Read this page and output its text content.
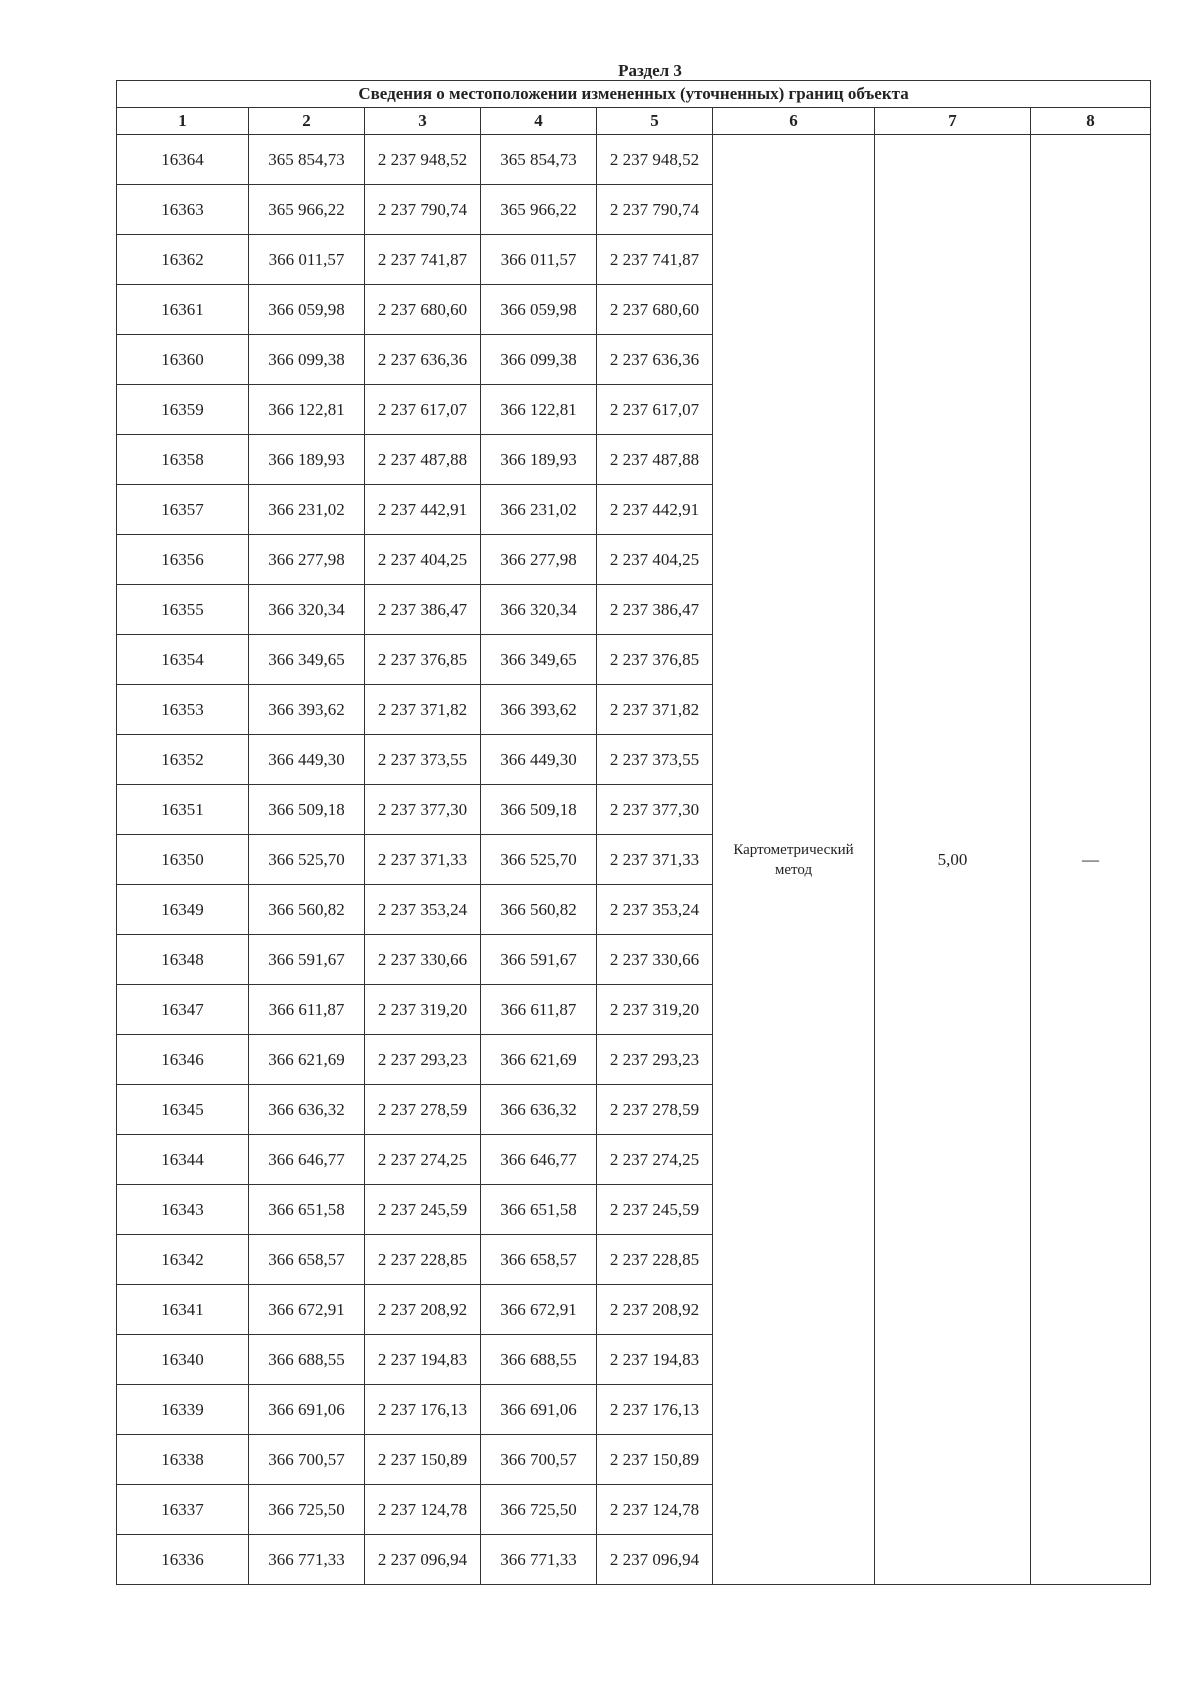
Раздел 3
Сведения о местоположении измененных (уточненных) границ объекта							
1	2	3	4	5	6	7	8
16364	365 854,73	2 237 948,52	365 854,73	2 237 948,52	Картометрический метод	5,00	—
16363	365 966,22	2 237 790,74	365 966,22	2 237 790,74			
16362	366 011,57	2 237 741,87	366 011,57	2 237 741,87			
16361	366 059,98	2 237 680,60	366 059,98	2 237 680,60			
16360	366 099,38	2 237 636,36	366 099,38	2 237 636,36			
16359	366 122,81	2 237 617,07	366 122,81	2 237 617,07			
16358	366 189,93	2 237 487,88	366 189,93	2 237 487,88			
16357	366 231,02	2 237 442,91	366 231,02	2 237 442,91			
16356	366 277,98	2 237 404,25	366 277,98	2 237 404,25			
16355	366 320,34	2 237 386,47	366 320,34	2 237 386,47			
16354	366 349,65	2 237 376,85	366 349,65	2 237 376,85			
16353	366 393,62	2 237 371,82	366 393,62	2 237 371,82			
16352	366 449,30	2 237 373,55	366 449,30	2 237 373,55			
16351	366 509,18	2 237 377,30	366 509,18	2 237 377,30			
16350	366 525,70	2 237 371,33	366 525,70	2 237 371,33			
16349	366 560,82	2 237 353,24	366 560,82	2 237 353,24			
16348	366 591,67	2 237 330,66	366 591,67	2 237 330,66			
16347	366 611,87	2 237 319,20	366 611,87	2 237 319,20			
16346	366 621,69	2 237 293,23	366 621,69	2 237 293,23			
16345	366 636,32	2 237 278,59	366 636,32	2 237 278,59			
16344	366 646,77	2 237 274,25	366 646,77	2 237 274,25			
16343	366 651,58	2 237 245,59	366 651,58	2 237 245,59			
16342	366 658,57	2 237 228,85	366 658,57	2 237 228,85			
16341	366 672,91	2 237 208,92	366 672,91	2 237 208,92			
16340	366 688,55	2 237 194,83	366 688,55	2 237 194,83			
16339	366 691,06	2 237 176,13	366 691,06	2 237 176,13			
16338	366 700,57	2 237 150,89	366 700,57	2 237 150,89			
16337	366 725,50	2 237 124,78	366 725,50	2 237 124,78			
16336	366 771,33	2 237 096,94	366 771,33	2 237 096,94			
